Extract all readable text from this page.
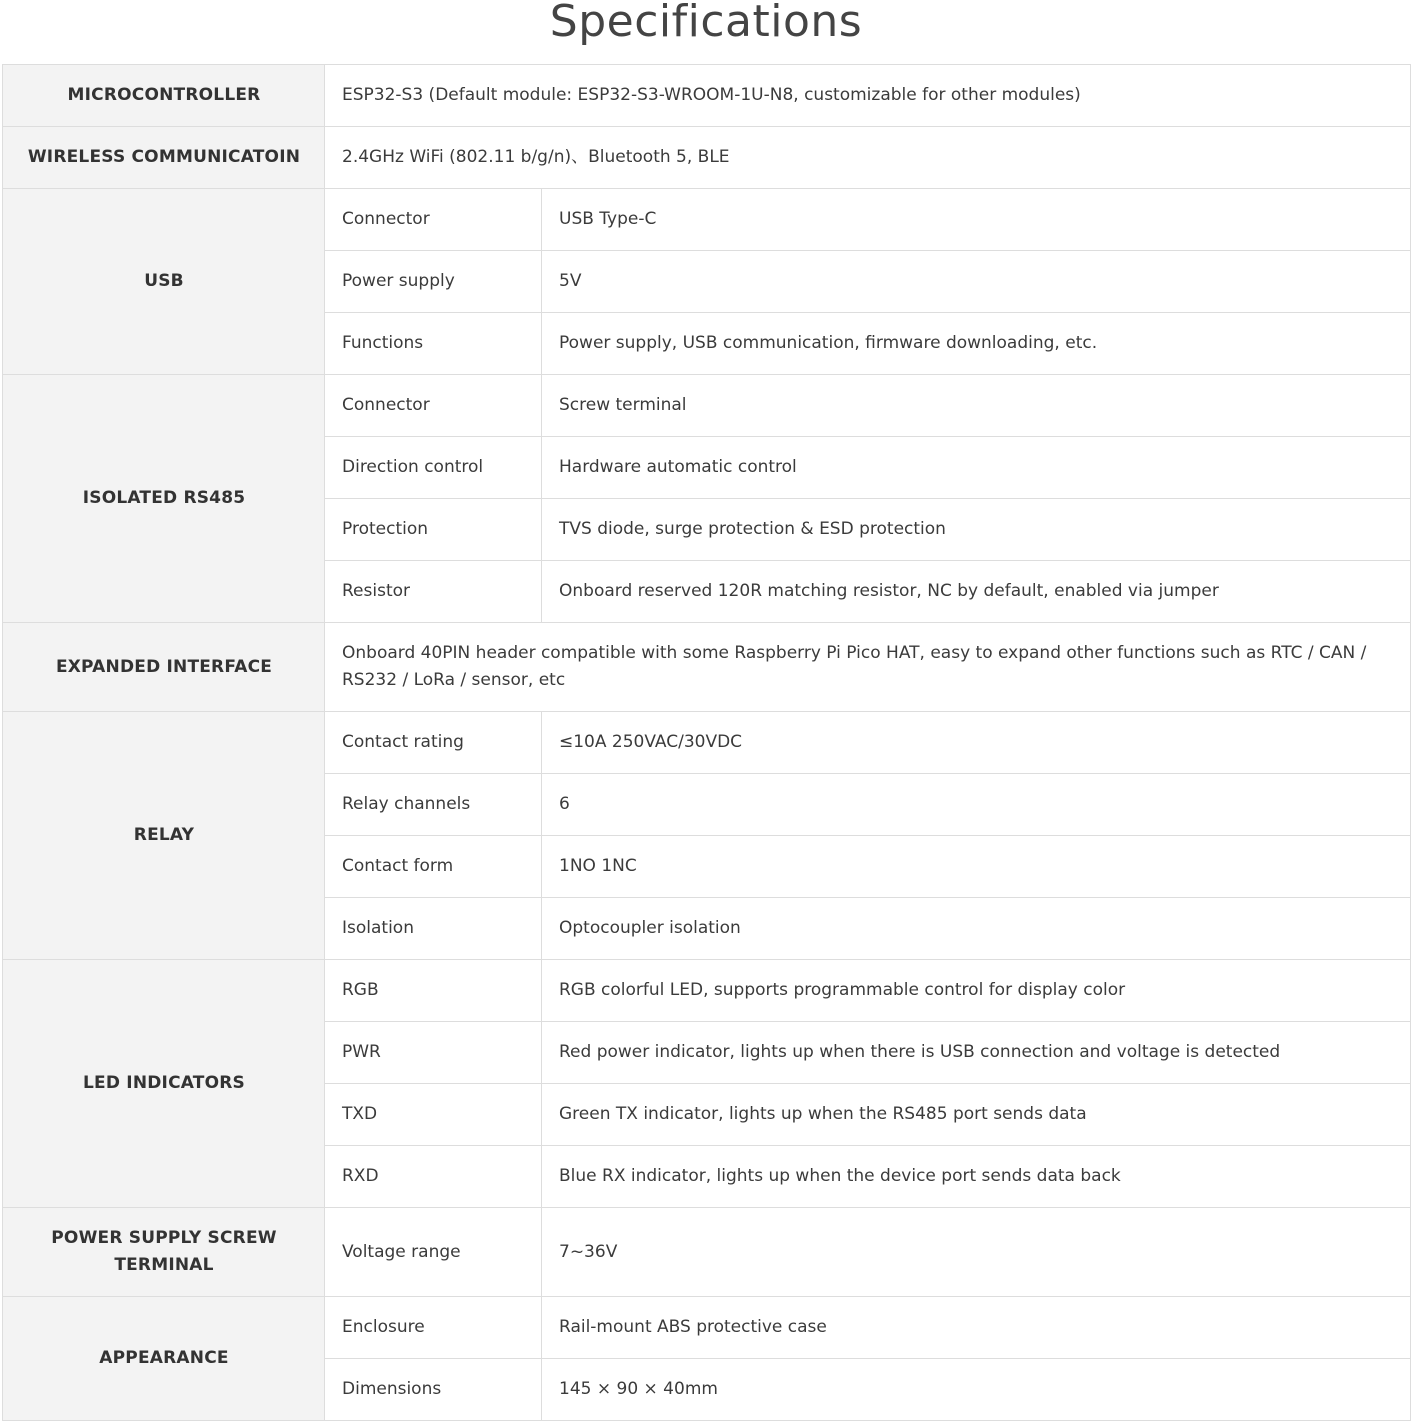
Specifications
MICROCONTROLLER	ESP32-S3 (Default module: ESP32-S3-WROOM-1U-N8, customizable for other modules)	
WIRELESS COMMUNICATOIN	2.4GHz WiFi (802.11 b/g/n)、Bluetooth 5, BLE	
USB	Connector	USB Type-C
	Power supply	5V
	Functions	Power supply, USB communication, firmware downloading, etc.
ISOLATED RS485	Connector	Screw terminal
	Direction control	Hardware automatic control
	Protection	TVS diode, surge protection & ESD protection
	Resistor	Onboard reserved 120R matching resistor, NC by default, enabled via jumper
EXPANDED INTERFACE	Onboard 40PIN header compatible with some Raspberry Pi Pico HAT, easy to expand other functions such as RTC / CAN / RS232 / LoRa / sensor, etc	
RELAY	Contact rating	≤10A 250VAC/30VDC
	Relay channels	6
	Contact form	1NO 1NC
	Isolation	Optocoupler isolation
LED INDICATORS	RGB	RGB colorful LED, supports programmable control for display color
	PWR	Red power indicator, lights up when there is USB connection and voltage is detected
	TXD	Green TX indicator, lights up when the RS485 port sends data
	RXD	Blue RX indicator, lights up when the device port sends data back
POWER SUPPLY SCREW TERMINAL	Voltage range	7~36V
APPEARANCE	Enclosure	Rail-mount ABS protective case
	Dimensions	145 × 90 × 40mm
